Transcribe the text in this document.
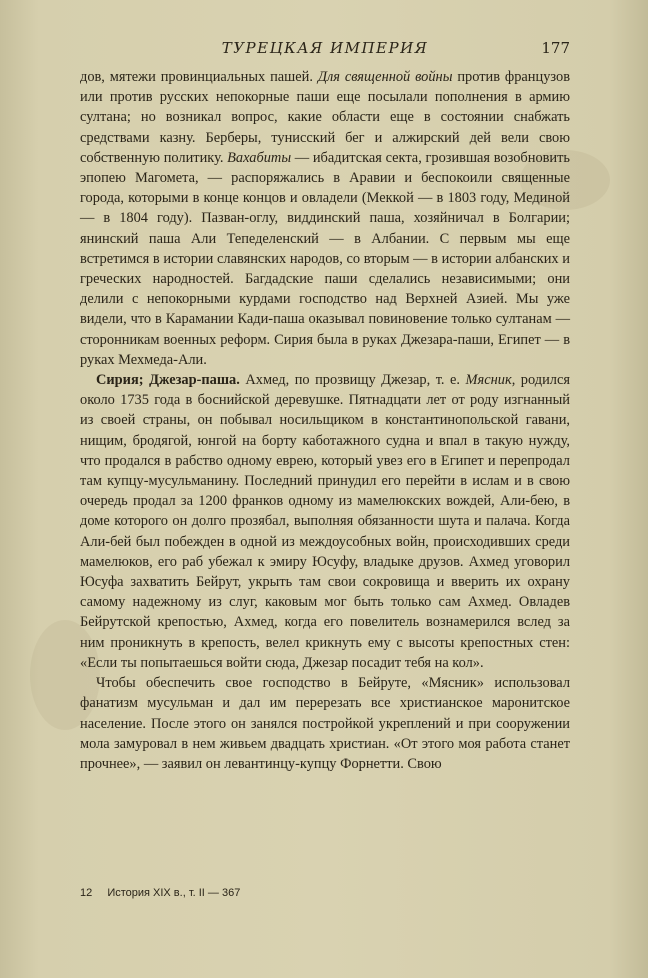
ТУРЕЦКАЯ ИМПЕРИЯ	177

дов, мятежи провинциальных пашей. Для священной войны против французов или против русских непокорные паши еще посылали пополнения в армию султана; но возникал вопрос, какие области еще в состоянии снабжать средствами казну. Берберы, тунисский бег и алжирский дей вели свою собственную политику. Вахабиты — ибадитская секта, грозившая возобновить эпопею Магомета, — распоряжались в Аравии и беспокоили священные города, которыми в конце концов и овладели (Меккой — в 1803 году, Мединой — в 1804 году). Пазван-оглу, виддинский паша, хозяйничал в Болгарии; янинский паша Али Тепеделенский — в Албании. С первым мы еще встретимся в истории славянских народов, со вторым — в истории албанских и греческих народностей. Багдадские паши сделались независимыми; они делили с непокорными курдами господство над Верхней Азией. Мы уже видели, что в Карамании Кади-паша оказывал повиновение только султанам — сторонникам военных реформ. Сирия была в руках Джезара-паши, Египет — в руках Мехмеда-Али.

Сирия; Джезар-паша. Ахмед, по прозвищу Джезар, т. е. Мясник, родился около 1735 года в боснийской деревушке. Пятнадцати лет от роду изгнанный из своей страны, он побывал носильщиком в константинопольской гавани, нищим, бродягой, юнгой на борту каботажного судна и впал в такую нужду, что продался в рабство одному еврею, который увез его в Египет и перепродал там купцу-мусульманину. Последний принудил его перейти в ислам и в свою очередь продал за 1200 франков одному из мамелюкских вождей, Али-бею, в доме которого он долго прозябал, выполняя обязанности шута и палача. Когда Али-бей был побежден в одной из междоусобных войн, происходивших среди мамелюков, его раб убежал к эмиру Юсуфу, владыке друзов. Ахмед уговорил Юсуфа захватить Бейрут, укрыть там свои сокровища и вверить их охрану самому надежному из слуг, каковым мог быть только сам Ахмед. Овладев Бейрутской крепостью, Ахмед, когда его повелитель вознамерился вслед за ним проникнуть в крепость, велел крикнуть ему с высоты крепостных стен: «Если ты попытаешься войти сюда, Джезар посадит тебя на кол».

Чтобы обеспечить свое господство в Бейруте, «Мясник» использовал фанатизм мусульман и дал им перерезать все христианское маронитское население. После этого он занялся постройкой укреплений и при сооружении мола замуровал в нем живьем двадцать христиан. «От этого моя работа станет прочнее», — заявил он левантинцу-купцу Форнетти. Свою

12 История XIX в., т. II — 367
